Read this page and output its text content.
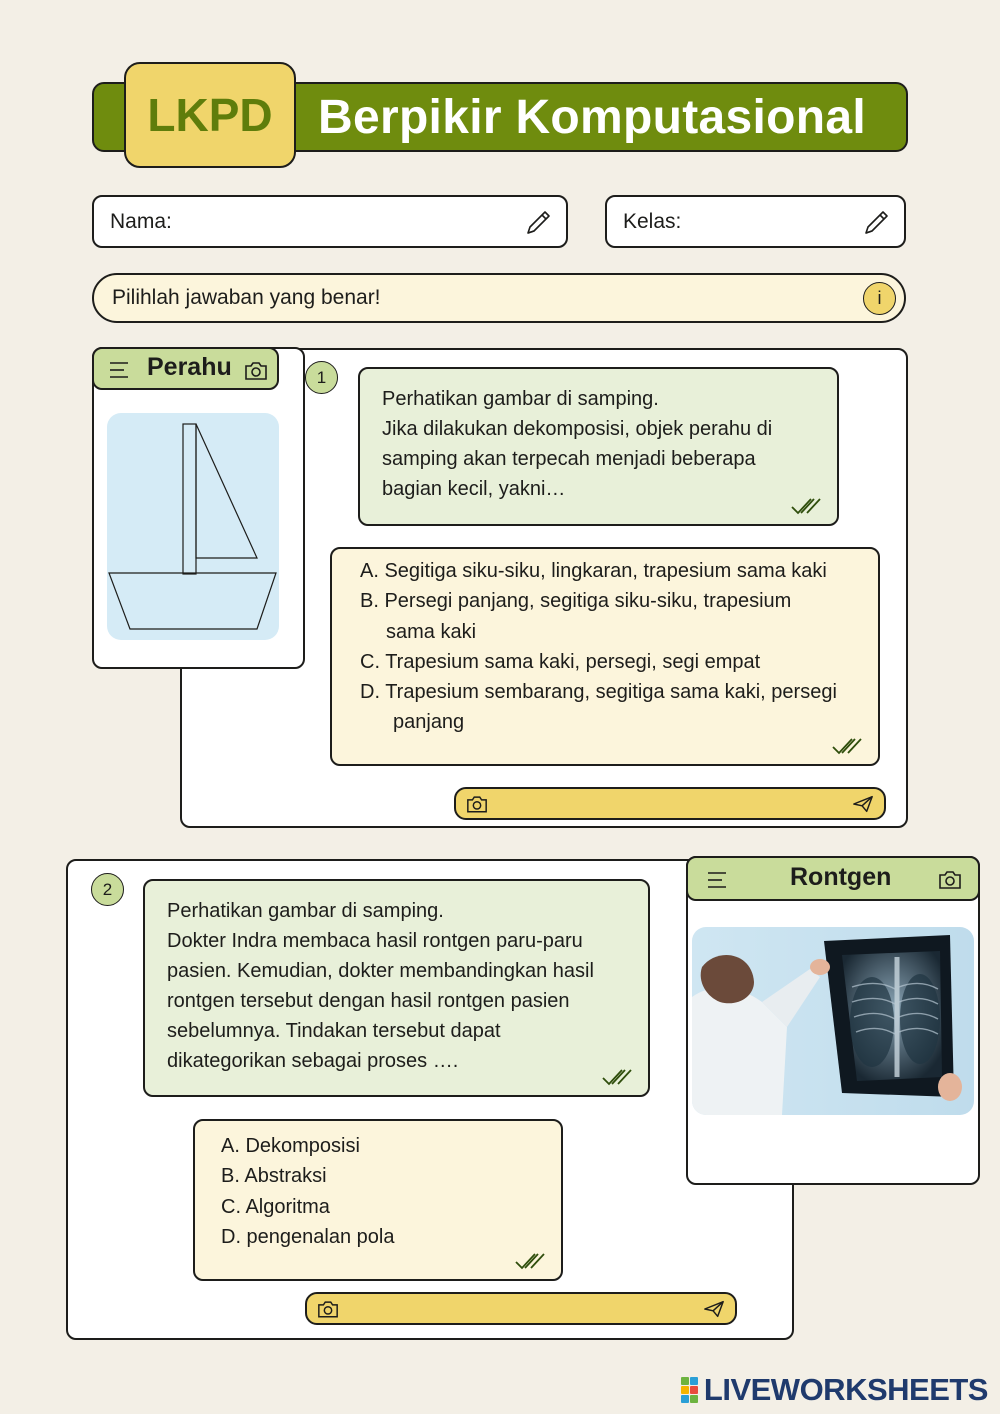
Berpikir Komputasional
LKPD
Nama:	Kelas:
Pilihlah jawaban yang benar!	i
Perahu	1
Perhatikan gambar di samping.
Jika dilakukan dekomposisi, objek perahu di
samping akan terpecah menjadi beberapa
bagian kecil, yakni…
A. Segitiga siku-siku, lingkaran, trapesium sama kaki
B. Persegi panjang, segitiga siku-siku, trapesium
sama kaki
C. Trapesium sama kaki, persegi, segi empat
D. Trapesium sembarang, segitiga sama kaki, persegi
panjang
2
Perhatikan gambar di samping.
Dokter Indra membaca hasil rontgen paru-paru
pasien. Kemudian, dokter membandingkan hasil
rontgen tersebut dengan hasil rontgen pasien
sebelumnya. Tindakan tersebut dapat
dikategorikan sebagai proses ….
A. Dekomposisi
B. Abstraksi
C. Algoritma
D. pengenalan pola
Rontgen
LIVEWORKSHEETS
